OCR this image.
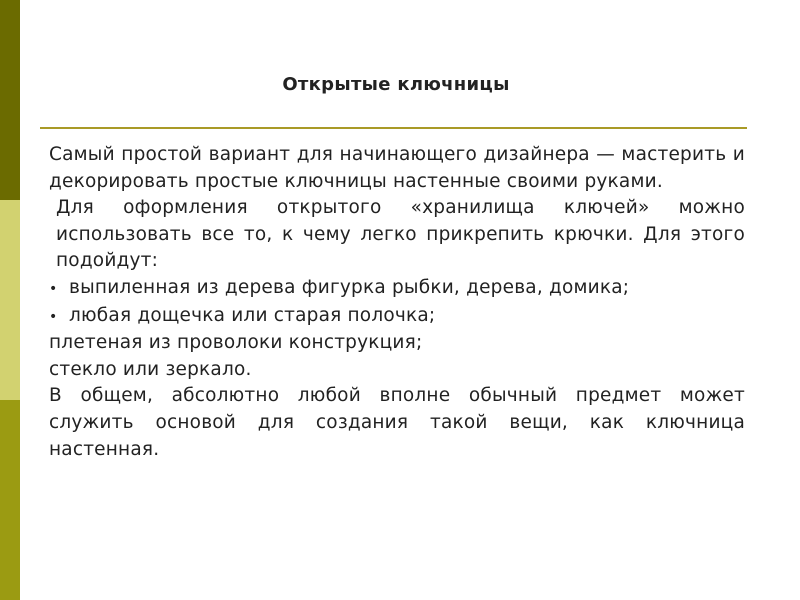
Открытые ключницы

Самый простой вариант для начинающего дизайнера — мастерить и декорировать простые ключницы настенные своими руками.

Для оформления открытого «хранилища ключей» можно использовать все то, к чему легко прикрепить крючки. Для этого подойдут:

• выпиленная из дерева фигурка рыбки, дерева, домика;
• любая дощечка или старая полочка;

плетеная из проволоки конструкция;

стекло или зеркало.

В общем, абсолютно любой вполне обычный предмет может служить основой для создания такой вещи, как ключница настенная.
